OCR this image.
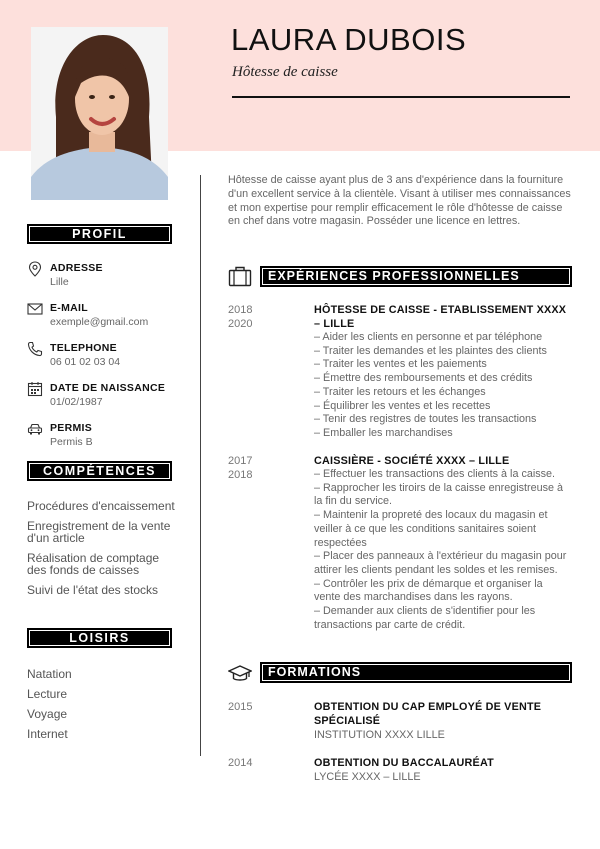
LAURA DUBOIS
Hôtesse de caisse
PROFIL
ADRESSE
Lille
E-MAIL
exemple@gmail.com
TELEPHONE
06 01 02 03 04
DATE DE NAISSANCE
01/02/1987
PERMIS
Permis B
COMPÉTENCES
Procédures d'encaissement
Enregistrement de la vente d'un article
Réalisation de comptage des fonds de caisses
Suivi de l'état des stocks
LOISIRS
Natation
Lecture
Voyage
Internet
Hôtesse de caisse ayant plus de 3 ans d'expérience dans la fourniture d'un excellent service à la clientèle. Visant à utiliser mes connaissances et mon expertise pour remplir efficacement le rôle d'hôtesse de caisse en chef dans votre magasin. Posséder une licence en lettres.
EXPÉRIENCES PROFESSIONNELLES
2018
2020
HÔTESSE DE CAISSE - ETABLISSEMENT XXXX – LILLE
– Aider les clients en personne et par téléphone
– Traiter les demandes et les plaintes des clients
– Traiter les ventes et les paiements
– Émettre des remboursements et des crédits
– Traiter les retours et les échanges
– Équilibrer les ventes et les recettes
– Tenir des registres de toutes les transactions
– Emballer les marchandises
2017
2018
CAISSIÈRE - SOCIÉTÉ XXXX – LILLE
– Effectuer les transactions des clients à la caisse.
– Rapprocher les tiroirs de la caisse enregistreuse à la fin du service.
– Maintenir la propreté des locaux du magasin et veiller à ce que les conditions sanitaires soient respectées
– Placer des panneaux à l'extérieur du magasin pour attirer les clients pendant les soldes et les remises.
– Contrôler les prix de démarque et organiser la vente des marchandises dans les rayons.
– Demander aux clients de s'identifier pour les transactions par carte de crédit.
FORMATIONS
2015	OBTENTION DU CAP EMPLOYÉ DE VENTE SPÉCIALISÉ
INSTITUTION XXXX LILLE
2014	OBTENTION DU BACCALAURÉAT
LYCÉE XXXX – LILLE
